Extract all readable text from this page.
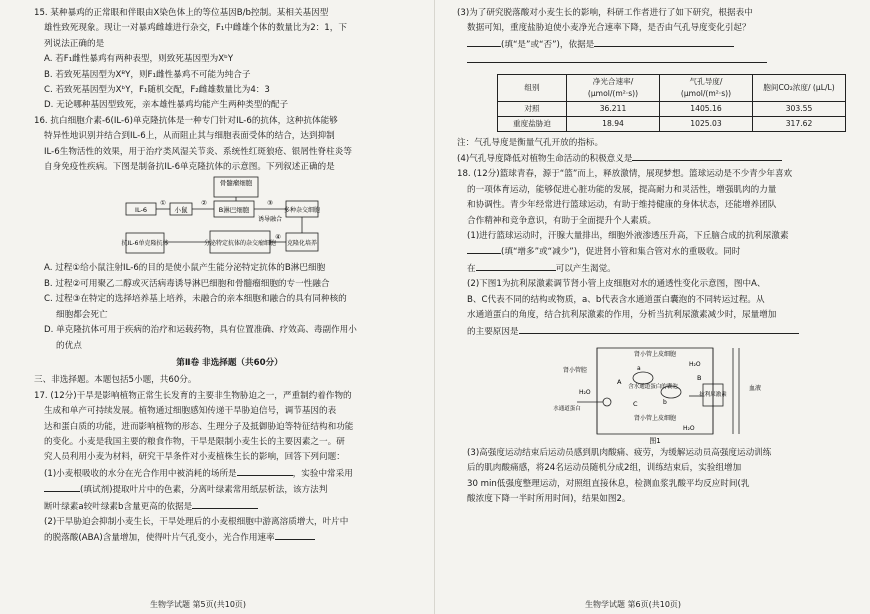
15. 某种暴鸡的正常眼和伴眼由X染色体上的等位基因B/b控制。某相关基因型

雄性致死现象。现让一对暴鸡雌雄进行杂交，F₁中雌雄个体的数量比为2：1，下

列说法正确的是

A. 若F₁雌性暴鸡有两种表型，则致死基因型为XᵇY

B. 若致死基因型为XᴮY，则F₁雌性暴鸡不可能为纯合子

C. 若致死基因型为XᵇY，F₁随机交配，F₂雌雄数量比为4：3

D. 无论哪种基因型致死，亲本雄性暴鸡均能产生两种类型的配子

16. 抗白细胞介素-6(IL-6)单克隆抗体是一种专门针对IL-6的抗体，这种抗体能够

特异性地识别并结合到IL-6上，从而阻止其与细胞表面受体的结合，达到抑制

IL-6生物活性的效果，用于治疗类风湿关节炎、系统性红斑狼疮、银屑性脊柱炎等

自身免疫性疾病。下图是制备抗IL-6单克隆抗体的示意图。下列叙述正确的是

骨髓瘤细胞
IL-6	小鼠	B淋巴细胞
③
诱导融合
多种杂交细胞
抗IL-6单克隆抗体	分泌特定抗体的杂交瘤细胞 克隆化培养
①	②
④

A. 过程①给小鼠注射IL-6的目的是使小鼠产生能分泌特定抗体的B淋巴细胞

B. 过程②可用聚乙二醇或灭活病毒诱导淋巴细胞和骨髓瘤细胞的专一性融合

C. 过程③在特定的选择培养基上培养，未融合的亲本细胞和融合的具有同种核的

细胞都会死亡

D. 单克隆抗体可用于疾病的治疗和运载药物，具有位置准确、疗效高、毒副作用小

的优点

第Ⅱ卷 非选择题（共60分）

三、非选择题。本题包括5小题，共60分。

17. (12分)干旱是影响植物正常生长发育的主要非生物胁迫之一，严重制约着作物的

生成和单产可持续发展。植物通过细胞感知传递干旱胁迫信号，调节基因的表

达和蛋白质的功能，进而影响植物的形态、生理分子及抵御胁迫等特征结构和功能

的变化。小麦是我国主要的粮食作物，干旱是限制小麦生长的主要因素之一。研

究人员利用小麦为材料，研究干旱条件对小麦植株生长的影响，回答下列问题：

(1)小麦根吸收的水分在光合作用中被消耗的场所是	，实验中常采用

(填试剂)提取叶片中的色素，分离叶绿素常用纸层析法，该方法判

断叶绿素a较叶绿素b含量更高的依据是

(2)干旱胁迫会抑制小麦生长，干旱处理后的小麦根细胞中游离溶质增大，叶片中

的脱落酸(ABA)含量增加，使得叶片气孔变小，光合作用速率

生物学试题 第5页(共10页)

(3)为了研究脱落酸对小麦生长的影响，科研工作者进行了如下研究，根据表中

数据可知，重度盐胁迫使小麦净光合速率下降，是否由气孔导度变化引起？

(填“是”或“否”)，依据是

组别	净光合速率/ (μmol/(m²·s))	气孔导度/ (μmol/(m²·s))	胞间CO₂浓度/ (μL/L)
对照	36.211	1405.16	303.55
重度盐胁迫	18.94	1025.03	317.62

注：气孔导度是衡量气孔开放的指标。

(4)气孔导度降低对植物生命活动的积极意义是

18. (12分)篮球青春，源于“篮”而上，释放激情，展现梦想。篮球运动是不少青少年喜欢

的一项体育运动，能够促进心脏功能的发展，提高耐力和灵活性，增强肌肉的力量

和协调性。青少年经常进行篮球运动，有助于维持健康的身体状态，还能增养团队

合作精神和竞争意识，有助于全面提升个人素质。

(1)进行篮球运动时，汗腺大量排出，细胞外液渗透压升高，下丘脑合成的抗利尿激素

(填“增多”或“减少”)，促进肾小管和集合管对水的重吸收。同时

在	可以产生渴觉。

(2)下图1为抗利尿激素调节肾小管上皮细胞对水的通透性变化示意图，图中A、

B、C代表不同的结构或物质，a、b代表含水通道蛋白囊泡的不同转运过程。从

水通道蛋白的角度，结合抗利尿激素的作用，分析当抗利尿激素减少时，尿量增加

的主要原因是

肾小管上皮细胞
肾小管腔
血液
H₂O
H₂O
H₂O
含水通道蛋白的囊泡
抗利尿激素
A	B
C
a
b
水通道蛋白
肾小管上皮细胞
图1

(3)高强度运动结束后运动员感到肌肉酸痛、疲劳，为缓解运动员高强度运动训练

后的肌肉酸痛感，将24名运动员随机分成2组，训练结束后，实验组增加

30 min低强度整理运动，对照组直接休息，检测血浆乳酸平均反应时间(乳

酸浓度下降一半时所用时间)，结果如图2。

生物学试题 第6页(共10页)
